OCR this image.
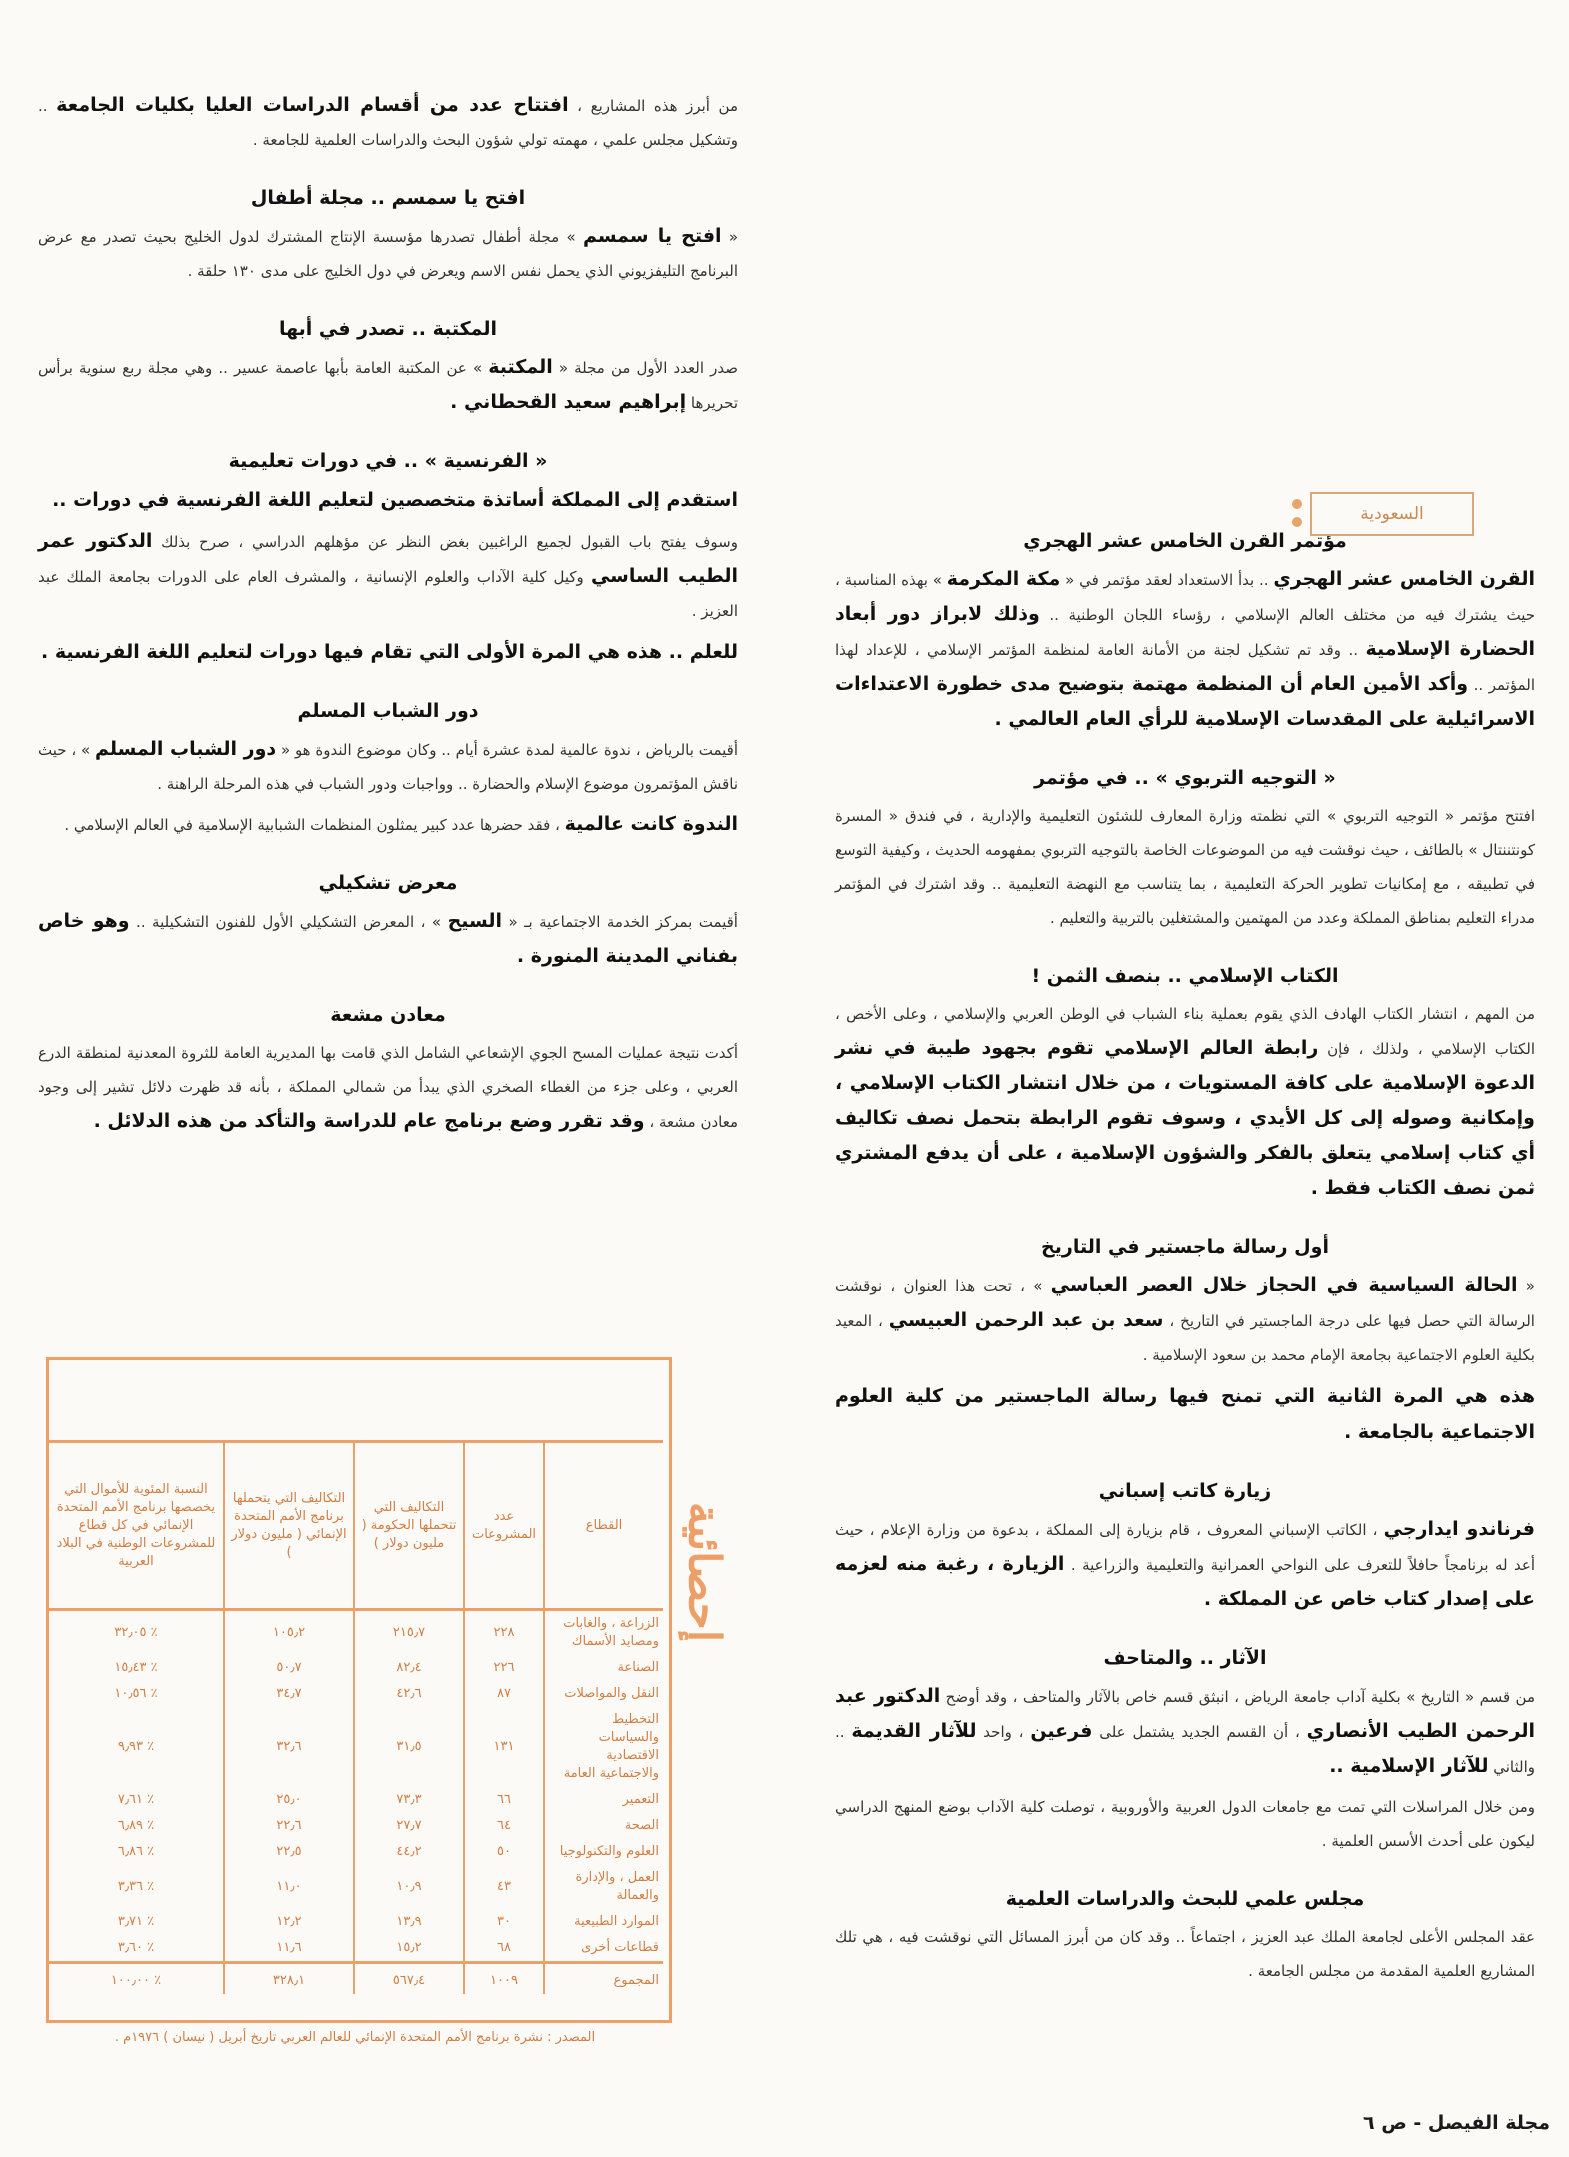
من أبرز هذه المشاريع ، افتتاح عدد من أقسام الدراسات العليا بكليات الجامعة .. وتشكيل مجلس علمي ، مهمته تولي شؤون البحث والدراسات العلمية للجامعة .

افتح يا سمسم .. مجلة أطفال

« افتح يا سمسم » مجلة أطفال تصدرها مؤسسة الإنتاج المشترك لدول الخليج بحيث تصدر مع عرض البرنامج التليفزيوني الذي يحمل نفس الاسم ويعرض في دول الخليج على مدى ١٣٠ حلقة .

المكتبة .. تصدر في أبها

صدر العدد الأول من مجلة « المكتبة » عن المكتبة العامة بأبها عاصمة عسير .. وهي مجلة ربع سنوية برأس تحريرها إبراهيم سعيد القحطاني .

« الفرنسية » .. في دورات تعليمية

استقدم إلى المملكة أساتذة متخصصين لتعليم اللغة الفرنسية في دورات ..

وسوف يفتح باب القبول لجميع الراغبين بغض النظر عن مؤهلهم الدراسي ، صرح بذلك الدكتور عمر الطيب الساسي وكيل كلية الآداب والعلوم الإنسانية ، والمشرف العام على الدورات بجامعة الملك عبد العزيز .

للعلم .. هذه هي المرة الأولى التي تقام فيها دورات لتعليم اللغة الفرنسية .

دور الشباب المسلم

أقيمت بالرياض ، ندوة عالمية لمدة عشرة أيام .. وكان موضوع الندوة هو « دور الشباب المسلم » ، حيث ناقش المؤتمرون موضوع الإسلام والحضارة .. وواجبات ودور الشباب في هذه المرحلة الراهنة .

الندوة كانت عالمية ، فقد حضرها عدد كبير يمثلون المنظمات الشبابية الإسلامية في العالم الإسلامي .

معرض تشكيلي

أقيمت بمركز الخدمة الاجتماعية بـ « السيح » ، المعرض التشكيلي الأول للفنون التشكيلية .. وهو خاص بفناني المدينة المنورة .

معادن مشعة

أكدت نتيجة عمليات المسح الجوي الإشعاعي الشامل الذي قامت بها المديرية العامة للثروة المعدنية لمنطقة الدرع العربي ، وعلى جزء من الغطاء الصخري الذي يبدأ من شمالي المملكة ، بأنه قد ظهرت دلائل تشير إلى وجود معادن مشعة ، وقد تقرر وضع برنامج عام للدراسة والتأكد من هذه الدلائل .

مؤتمر القرن الخامس عشر الهجري

القرن الخامس عشر الهجري .. بدأ الاستعداد لعقد مؤتمر في « مكة المكرمة » بهذه المناسبة ، حيث يشترك فيه من مختلف العالم الإسلامي ، رؤساء اللجان الوطنية .. وذلك لابراز دور أبعاد الحضارة الإسلامية .. وقد تم تشكيل لجنة من الأمانة العامة لمنظمة المؤتمر الإسلامي ، للإعداد لهذا المؤتمر .. وأكد الأمين العام أن المنظمة مهتمة بتوضيح مدى خطورة الاعتداءات الاسرائيلية على المقدسات الإسلامية للرأي العام العالمي .

« التوجيه التربوي » .. في مؤتمر

افتتح مؤتمر « التوجيه التربوي » التي نظمته وزارة المعارف للشئون التعليمية والإدارية ، في فندق « المسرة كونتننتال » بالطائف ، حيث نوقشت فيه من الموضوعات الخاصة بالتوجيه التربوي بمفهومه الحديث ، وكيفية التوسع في تطبيقه ، مع إمكانيات تطوير الحركة التعليمية ، بما يتناسب مع النهضة التعليمية .. وقد اشترك في المؤتمر مدراء التعليم بمناطق المملكة وعدد من المهتمين والمشتغلين بالتربية والتعليم .

الكتاب الإسلامي .. بنصف الثمن !

من المهم ، انتشار الكتاب الهادف الذي يقوم بعملية بناء الشباب في الوطن العربي والإسلامي ، وعلى الأخص ، الكتاب الإسلامي ، ولذلك ، فإن رابطة العالم الإسلامي تقوم بجهود طيبة في نشر الدعوة الإسلامية على كافة المستويات ، من خلال انتشار الكتاب الإسلامي ، وإمكانية وصوله إلى كل الأيدي ، وسوف تقوم الرابطة بتحمل نصف تكاليف أي كتاب إسلامي يتعلق بالفكر والشؤون الإسلامية ، على أن يدفع المشتري ثمن نصف الكتاب فقط .

أول رسالة ماجستير في التاريخ

« الحالة السياسية في الحجاز خلال العصر العباسي » ، تحت هذا العنوان ، نوقشت الرسالة التي حصل فيها على درجة الماجستير في التاريخ ، سعد بن عبد الرحمن العبيسي ، المعيد بكلية العلوم الاجتماعية بجامعة الإمام محمد بن سعود الإسلامية .

هذه هي المرة الثانية التي تمنح فيها رسالة الماجستير من كلية العلوم الاجتماعية بالجامعة .

زيارة كاتب إسباني

فرناندو ايدارجي ، الكاتب الإسباني المعروف ، قام بزيارة إلى المملكة ، بدعوة من وزارة الإعلام ، حيث أعد له برنامجاً حافلاً للتعرف على النواحي العمرانية والتعليمية والزراعية . الزيارة ، رغبة منه لعزمه على إصدار كتاب خاص عن المملكة .

الآثار .. والمتاحف

من قسم « التاريخ » بكلية آداب جامعة الرياض ، انبثق قسم خاص بالآثار والمتاحف ، وقد أوضح الدكتور عبد الرحمن الطيب الأنصاري ، أن القسم الجديد يشتمل على فرعين ، واحد للآثار القديمة .. والثاني للآثار الإسلامية ..

ومن خلال المراسلات التي تمت مع جامعات الدول العربية والأوروبية ، توصلت كلية الآداب بوضع المنهج الدراسي ليكون على أحدث الأسس العلمية .

مجلس علمي للبحث والدراسات العلمية

عقد المجلس الأعلى لجامعة الملك عبد العزيز ، اجتماعاً .. وقد كان من أبرز المسائل التي نوقشت فيه ، هي تلك المشاريع العلمية المقدمة من مجلس الجامعة .

السعودية
إحصائية
القطاع	عدد المشروعات	التكاليف التي تتحملها الحكومة ( مليون دولار )	التكاليف التي يتحملها برنامج الأمم المتحدة الإنمائي ( مليون دولار )	النسبة المئوية للأموال التي يخصصها برنامج الأمم المتحدة الإنمائي في كل قطاع للمشروعات الوطنية في البلاد العربية
الزراعة ، والغابات ومصايد الأسماك	٢٢٨	٢١٥٫٧	١٠٥٫٢	٪ ٣٢٫٠٥
الصناعة	٢٢٦	٨٢٫٤	٥٠٫٧	٪ ١٥٫٤٣
النقل والمواصلات	٨٧	٤٢٫٦	٣٤٫٧	٪ ١٠٫٥٦
التخطيط والسياسات الاقتصادية والاجتماعية العامة	١٣١	٣١٫٥	٣٢٫٦	٪ ٩٫٩٣
التعمير	٦٦	٧٣٫٣	٢٥٫٠	٪ ٧٫٦١
الصحة	٦٤	٢٧٫٧	٢٢٫٦	٪ ٦٫٨٩
العلوم والتكنولوجيا	٥٠	٤٤٫٢	٢٢٫٥	٪ ٦٫٨٦
العمل ، والإدارة والعمالة	٤٣	١٠٫٩	١١٫٠	٪ ٣٫٣٦
الموارد الطبيعية	٣٠	١٣٫٩	١٢٫٢	٪ ٣٫٧١
قطاعات أخرى	٦٨	١٥٫٢	١١٫٦	٪ ٣٫٦٠
المجموع	١٠٠٩	٥٦٧٫٤	٣٢٨٫١	٪ ١٠٠٫٠٠
المصدر : نشرة برنامج الأمم المتحدة الإنمائي للعالم العربي تاريخ أبريل ( نيسان ) ١٩٧٦م .
مجلة الفيصل - ص ٦
